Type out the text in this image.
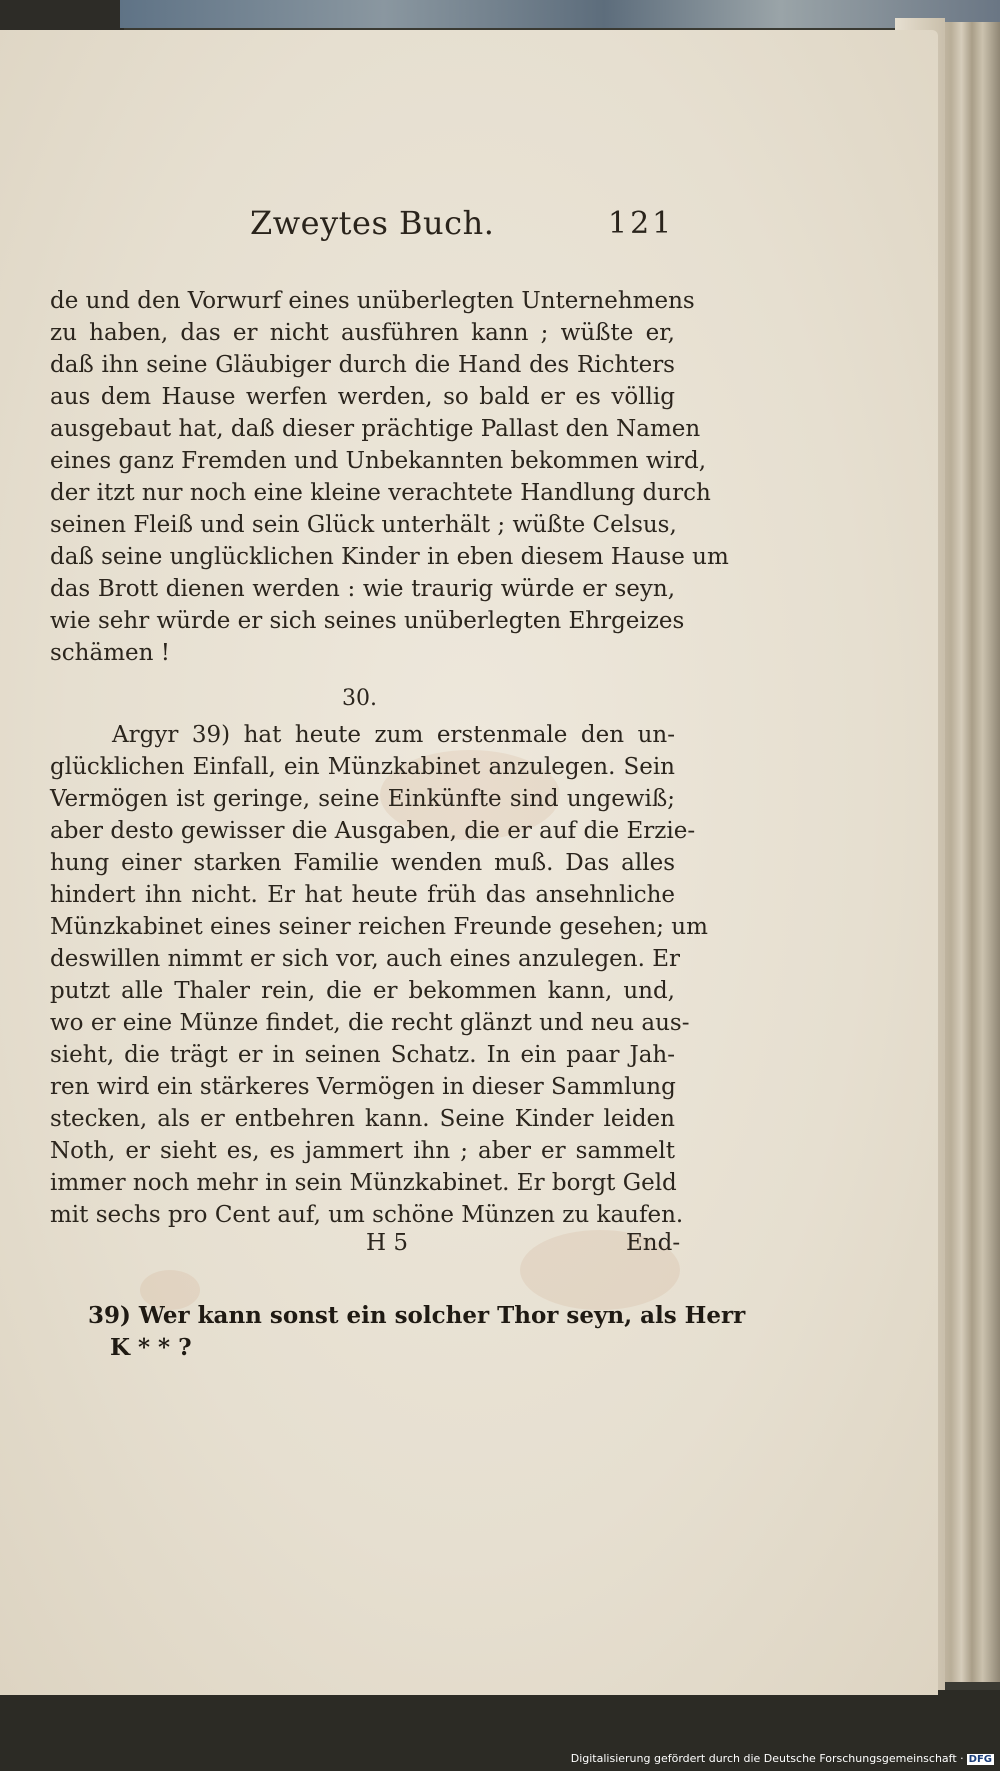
Zweytes Buch.	121
de und den Vorwurf eines unüberlegten Unternehmens
zu haben, das er nicht ausführen kann ; wüßte er,
daß ihn seine Gläubiger durch die Hand des Richters
aus dem Hause werfen werden, so bald er es völlig
ausgebaut hat, daß dieser prächtige Pallast den Namen
eines ganz Fremden und Unbekannten bekommen wird,
der itzt nur noch eine kleine verachtete Handlung durch
seinen Fleiß und sein Glück unterhält ; wüßte Celsus,
daß seine unglücklichen Kinder in eben diesem Hause um
das Brott dienen werden : wie traurig würde er seyn,
wie sehr würde er sich seines unüberlegten Ehrgeizes
schämen !
30.
Argyr 39) hat heute zum erstenmale den un-
glücklichen Einfall, ein Münzkabinet anzulegen. Sein
Vermögen ist geringe, seine Einkünfte sind ungewiß;
aber desto gewisser die Ausgaben, die er auf die Erzie-
hung einer starken Familie wenden muß. Das alles
hindert ihn nicht. Er hat heute früh das ansehnliche
Münzkabinet eines seiner reichen Freunde gesehen; um
deswillen nimmt er sich vor, auch eines anzulegen. Er
putzt alle Thaler rein, die er bekommen kann, und,
wo er eine Münze findet, die recht glänzt und neu aus-
sieht, die trägt er in seinen Schatz. In ein paar Jah-
ren wird ein stärkeres Vermögen in dieser Sammlung
stecken, als er entbehren kann. Seine Kinder leiden
Noth, er sieht es, es jammert ihn ; aber er sammelt
immer noch mehr in sein Münzkabinet. Er borgt Geld
mit sechs pro Cent auf, um schöne Münzen zu kaufen.
H 5	End-
39) Wer kann sonst ein solcher Thor seyn, als Herr
K * * ?
Digitalisierung gefördert durch die Deutsche Forschungsgemeinschaft · DFG
